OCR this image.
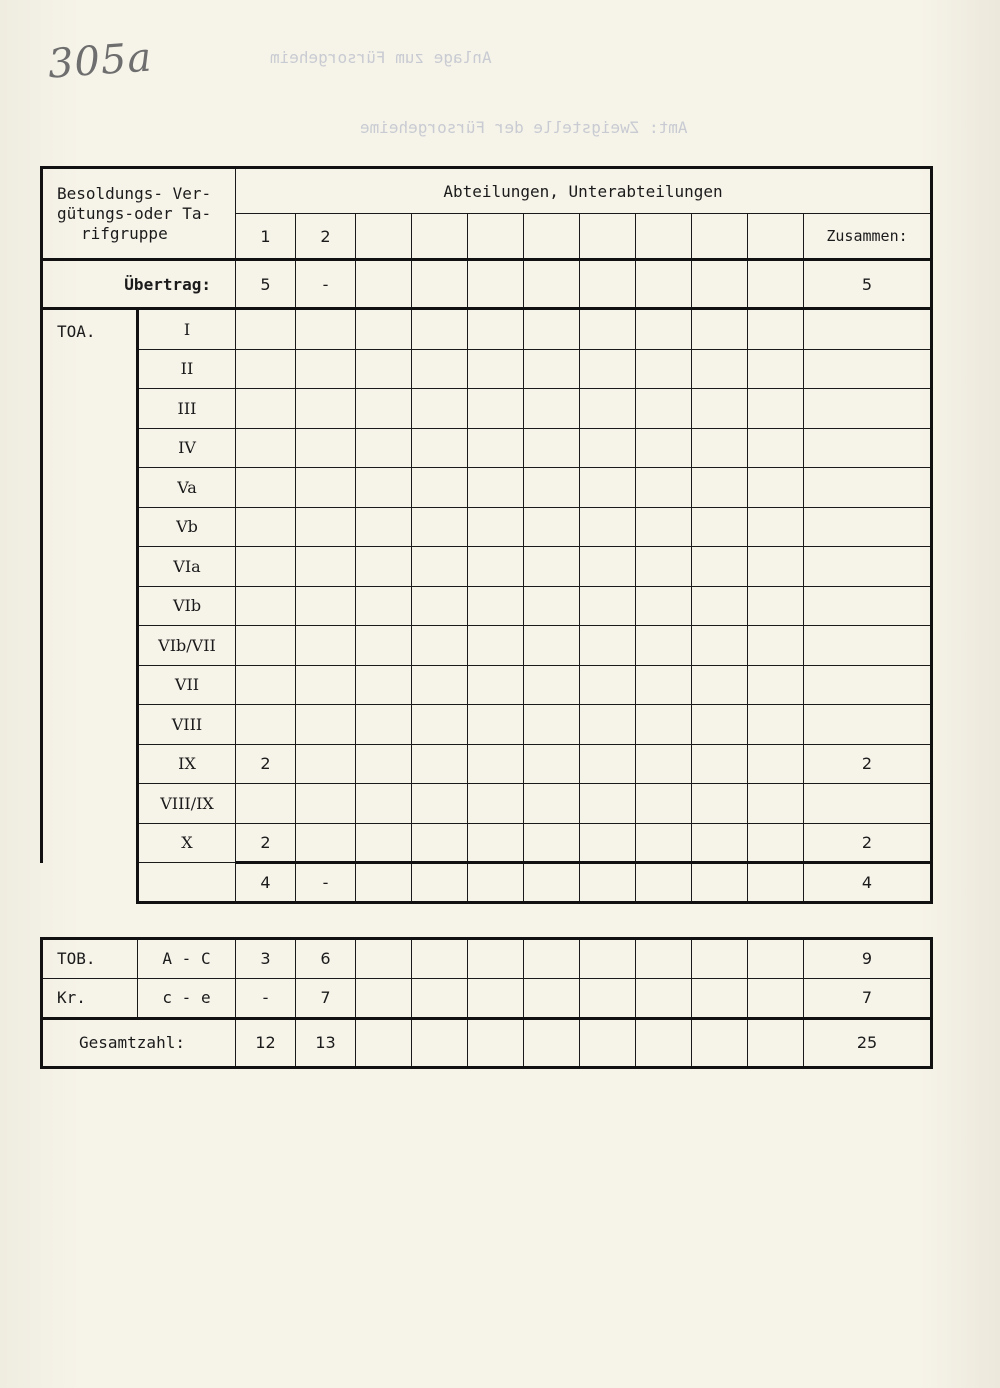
305a	Anlage zum Fürsorgeheim
Amt: Zweigstelle der Fürsorgeheime
Besoldungs- Ver-
gütungs-oder Ta-
rifgruppe		Abteilungen, Unterabteilungen										
		1	2									Zusammen:
Übertrag:		5	-									5
TOA.	I											
	II											
	III											
	IV											
	Va											
	Vb											
	VIa											
	VIb											
	VIb/VII											
	VII											
	VIII											
	IX	2										2
	VIII/IX											
	X	2										2
		4	-									4

TOB.	A - C	3	6									9
Kr.	c - e	-	7									7
Gesamtzahl:		12	13									25
